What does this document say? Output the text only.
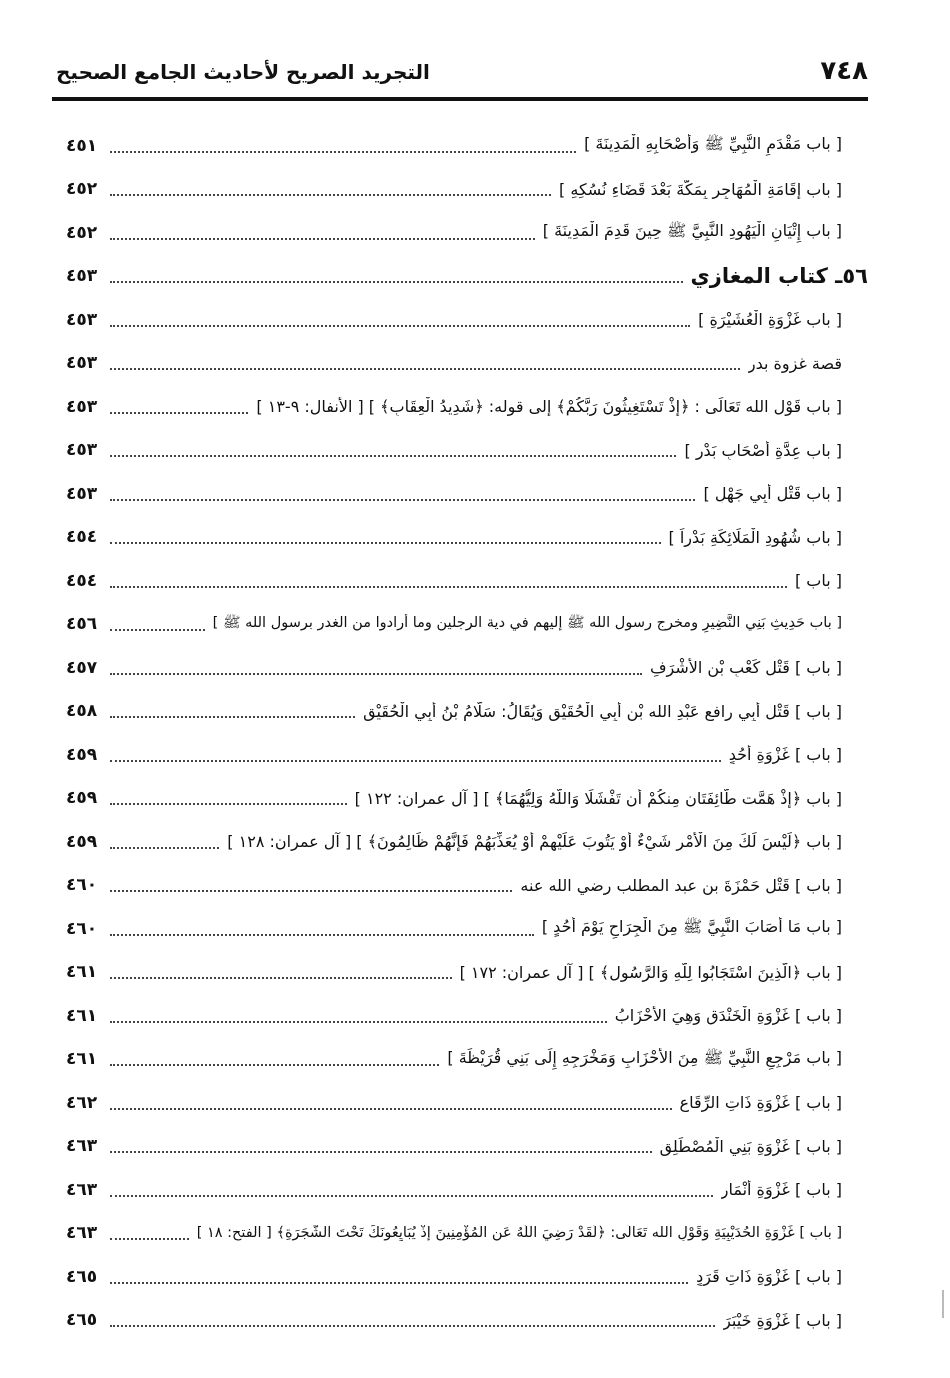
٧٤٨
التجريد الصريح لأحاديث الجامع الصحيح
[ باب مَقْدَمِ النَّبِيِّ ﷺ وَأَصْحَابِهِ الْمَدِينَةَ ]
٤٥١
[ باب إِقَامَةِ الْمُهَاجِرِ بِمَكَّةَ بَعْدَ قَضَاءِ نُسُكِهِ ]
٤٥٢
[ باب إِتْيَانِ الْيَهُودِ النَّبِيَّ ﷺ حِينَ قَدِمَ الْمَدِينَةَ ]
٤٥٢
٥٦ـ كتاب المغازي
٤٥٣
[ باب غَزْوَةِ الْعُشَيْرَةِ ]
٤٥٣
قصة غزوة بدر
٤٥٣
[ باب قَوْلِ الله تَعَالَى : ﴿إِذْ تَسْتَغِيثُونَ رَبَّكُمْ﴾ إلى قوله: ﴿شَدِيدُ الْعِقَابِ﴾ ] [ الأنفال: ٩-١٣ ]
٤٥٣
[ باب عِدَّةِ أَصْحَابِ بَدْرٍ ]
٤٥٣
[ باب قَتْلِ أَبِي جَهْلٍ ]
٤٥٣
[ باب شُهُودِ الْمَلَائِكَةِ بَدْراً ]
٤٥٤
[ باب ]
٤٥٤
[ باب حَدِيثِ بَنِي النَّضِيرِ ومخرج رسول الله ﷺ إليهم في دية الرجلين وما أرادوا من الغدر برسول الله ﷺ ]
٤٥٦
[ باب ] قَتْلِ كَعْبِ بْنِ الأَشْرَفِ
٤٥٧
[ باب ] قَتْلِ أَبِي رافع عَبْدِ الله بْنِ أَبِي الْحُقَيْقِ وَيُقَالُ: سَلَّامُ بْنُ أَبِي الْحُقَيْقِ
٤٥٨
[ باب ] غَزْوَةِ أُحُدٍ
٤٥٩
[ باب ﴿إِذْ هَمَّت طَّائِفَتَانِ مِنكُمْ أَن تَفْشَلَا وَاللَّهُ وَلِيُّهُمَا﴾ ] [ آل عمران: ١٢٢ ]
٤٥٩
[ باب ﴿لَيْسَ لَكَ مِنَ الْأَمْرِ شَيْءٌ أَوْ يَتُوبَ عَلَيْهِمْ أَوْ يُعَذِّبَهُمْ فَإِنَّهُمْ ظَالِمُونَ﴾ ] [ آل عمران: ١٢٨ ]
٤٥٩
[ باب ] قَتْلِ حَمْزَةَ بن عبد المطلب رضي الله عنه
٤٦٠
[ باب مَا أَصَابَ النَّبِيَّ ﷺ مِنَ الْجِرَاحِ يَوْمَ أُحُدٍ ]
٤٦٠
[ باب ﴿الَّذِينَ اسْتَجَابُوا لِلَّهِ وَالرَّسُولِ﴾ ] [ آل عمران: ١٧٢ ]
٤٦١
[ باب ] غَزْوَةِ الْخَنْدَقِ وَهِيَ الأَحْزَابُ
٤٦١
[ باب مَرْجِعِ النَّبِيِّ ﷺ مِنَ الأَحْزَابِ وَمَخْرَجِهِ إِلَى بَنِي قُرَيْظَةَ ]
٤٦١
[ باب ] غَزْوَةِ ذَاتِ الرِّقَاعِ
٤٦٢
[ باب ] غَزْوَةِ بَنِي الْمُصْطَلِقِ
٤٦٣
[ باب ] غَزْوَةِ أَنْمَارٍ
٤٦٣
[ باب ] غَزْوَةِ الْحُدَيْبِيَةِ وَقَوْلِ الله تَعَالَى: ﴿لَقَدْ رَضِيَ اللَّهُ عَنِ الْمُؤْمِنِينَ إِذْ يُبَايِعُونَكَ تَحْتَ الشَّجَرَةِ﴾ [ الفتح: ١٨ ]
٤٦٣
[ باب ] غَزْوَةِ ذَاتِ قَرَدٍ
٤٦٥
[ باب ] غَزْوَةِ خَيْبَرَ
٤٦٥
